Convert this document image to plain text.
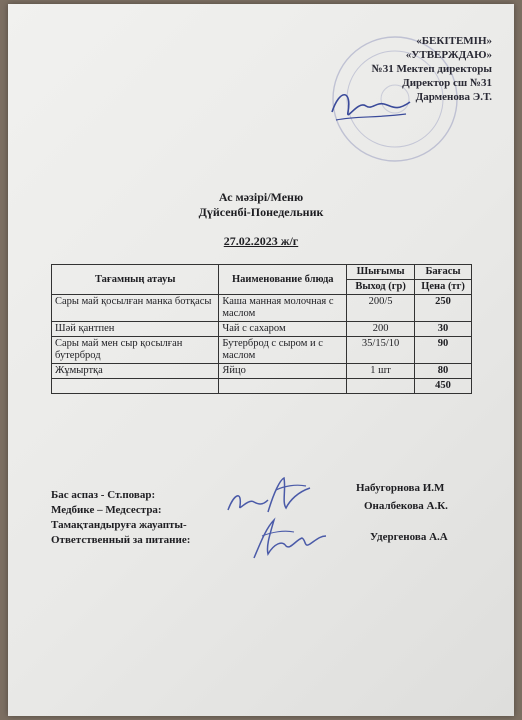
«БЕКІТЕМІН»
«УТВЕРЖДАЮ»
№31 Мектеп директоры
Директор сш №31
Дарменова Э.Т.
Ас мәзірі/Меню
Дүйсенбі-Понедельник
27.02.2023 ж/г
Тағамның атауы	Наименование блюда	Шығымы	Бағасы
		Выход (гр)	Цена (тг)
Сары май қосылған манка ботқасы	Каша манная молочная с маслом	200/5	250
Шәй қантпен	Чай с сахаром	200	30
Сары май мен сыр қосылған бутерброд	Бутерброд с сыром и с маслом	35/15/10	90
Жұмыртқа	Яйцо	1 шт	80
			450
Бас аспаз - Ст.повар:
Медбике – Медсестра:
Тамақтандыруға жауапты-
Ответственный за питание:
Набугорнова И.М
Оналбекова А.К.
Удергенова А.А
